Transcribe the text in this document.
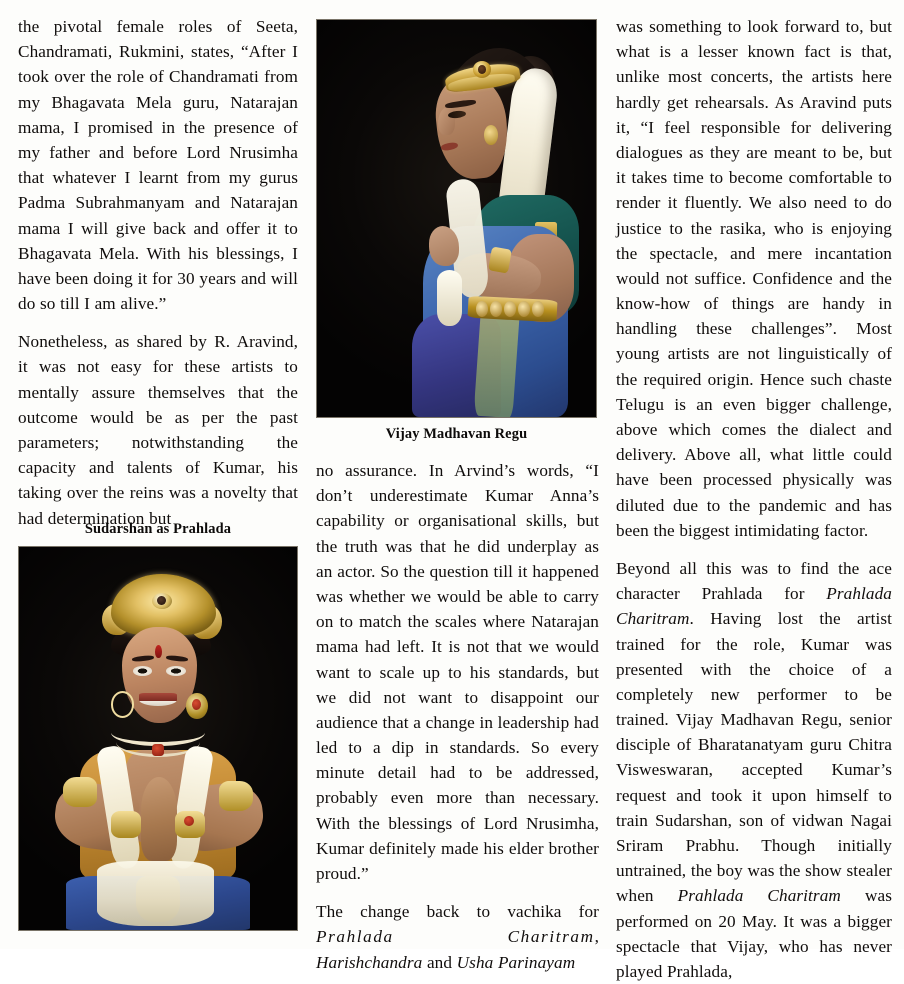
the pivotal female roles of Seeta, Chandramati, Rukmini, states, “After I took over the role of Chandramati from my Bhagavata Mela guru, Natarajan mama, I promised in the presence of my father and before Lord Nrusimha that whatever I learnt from my gurus Padma Subrahmanyam and Natarajan mama I will give back and offer it to Bhagavata Mela. With his blessings, I have been doing it for 30 years and will do so till I am alive.”

Nonetheless, as shared by R. Aravind, it was not easy for these artists to mentally assure themselves that the outcome would be as per the past parameters; notwithstanding the capacity and talents of Kumar, his taking over the reins was a novelty that had determination but

Sudarshan as Prahlada
Vijay Madhavan Regu

no assurance. In Arvind’s words, “I don’t underestimate Kumar Anna’s capability or organisational skills, but the truth was that he did underplay as an actor. So the question till it happened was whether we would be able to carry on to match the scales where Natarajan mama had left. It is not that we would want to scale up to his standards, but we did not want to disappoint our audience that a change in leadership had led to a dip in standards. So every minute detail had to be addressed, probably even more than necessary. With the blessings of Lord Nrusimha, Kumar definitely made his elder brother proud.”

The change back to vachika for Prahlada Charitram, Harishchandra and Usha Parinayam

was something to look forward to, but what is a lesser known fact is that, unlike most concerts, the artists here hardly get rehearsals. As Aravind puts it, “I feel responsible for delivering dialogues as they are meant to be, but it takes time to become comfortable to render it fluently. We also need to do justice to the rasika, who is enjoying the spectacle, and mere incantation would not suffice. Confidence and the know-how of things are handy in handling these challenges”. Most young artists are not linguistically of the required origin. Hence such chaste Telugu is an even bigger challenge, above which comes the dialect and delivery. Above all, what little could have been processed physically was diluted due to the pandemic and has been the biggest intimidating factor.

Beyond all this was to find the ace character Prahlada for Prahlada Charitram. Having lost the artist trained for the role, Kumar was presented with the choice of a completely new performer to be trained. Vijay Madhavan Regu, senior disciple of Bharatanatyam guru Chitra Visweswaran, accepted Kumar’s request and took it upon himself to train Sudarshan, son of vidwan Nagai Sriram Prabhu. Though initially untrained, the boy was the show stealer when Prahlada Charitram was performed on 20 May. It was a bigger spectacle that Vijay, who has never played Prahlada,
